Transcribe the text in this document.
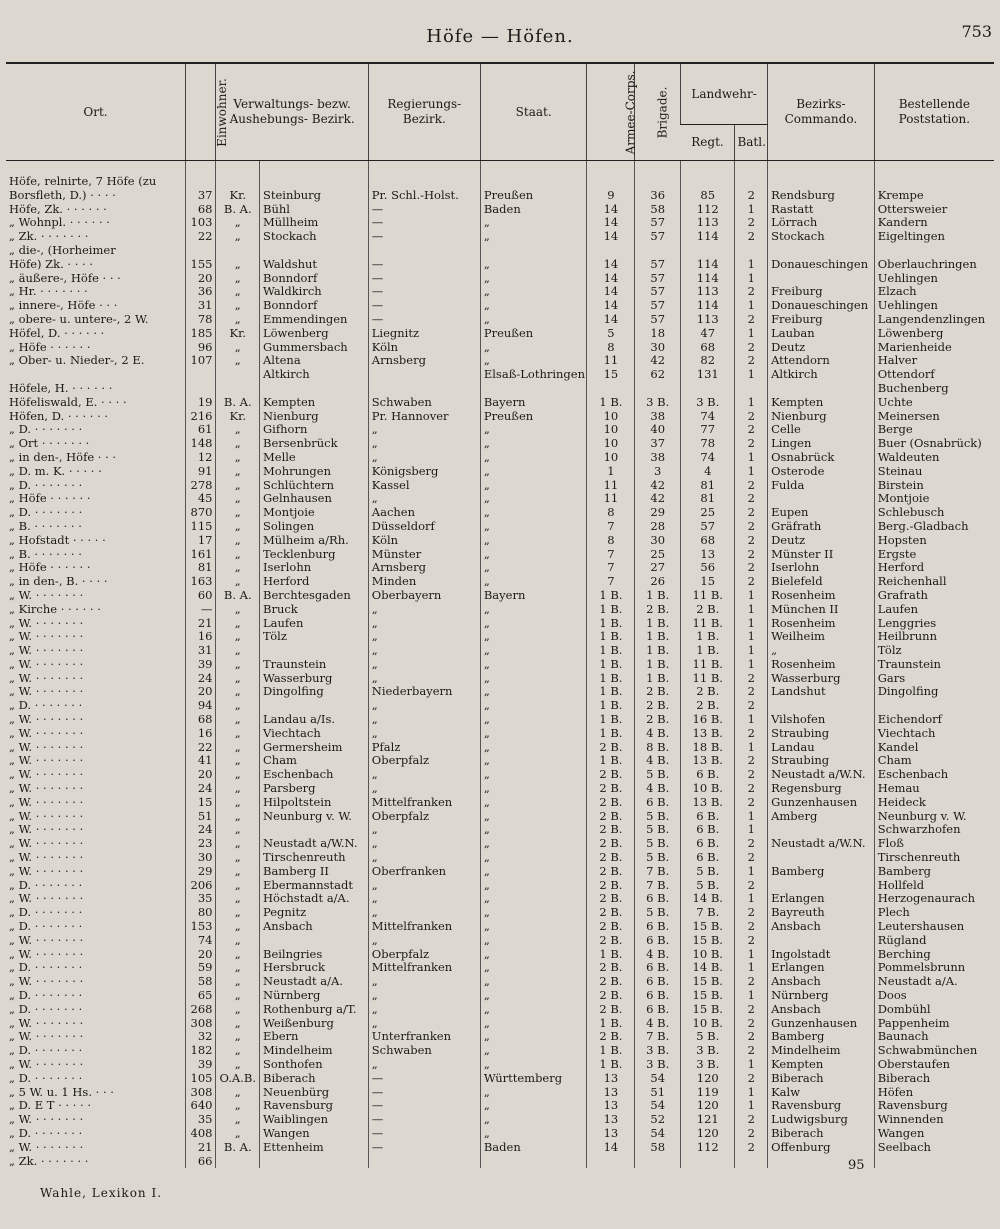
Höfe — Höfen.	753
Ort.	Einwohner.	Verwaltungs- bezw. Aushebungs- Bezirk.		Regierungs- Bezirk.	Staat.	Armee-Corps.	Brigade.	Landwehr-		Bezirks- Commando.	Bestellende Poststation.
								Regt.	Batl.		
Höfe, relnirte, 7 Höfe (zu											
Borsfleth, D.) · · · ·	37	Kr.	Steinburg	Pr. Schl.-Holst.	Preußen	9	36	85	2	Rendsburg	Krempe
Höfe, Zk. · · · · · ·	68	B. A.	Bühl	—	Baden	14	58	112	1	Rastatt	Ottersweier
„ Wohnpl. · · · · · ·	103	„	Müllheim	—	„	14	57	113	2	Lörrach	Kandern
„ Zk. · · · · · · ·	22	„	Stockach	—	„	14	57	114	2	Stockach	Eigeltingen
„ die-, (Horheimer											
Höfe) Zk. · · · ·	155	„	Waldshut	—	„	14	57	114	1	Donaueschingen	Oberlauchringen
„ äußere-, Höfe · · ·	20	„	Bonndorf	—	„	14	57	114	1		Uehlingen
„ Hr. · · · · · · ·	36	„	Waldkirch	—	„	14	57	113	2	Freiburg	Elzach
„ innere-, Höfe · · ·	31	„	Bonndorf	—	„	14	57	114	1	Donaueschingen	Uehlingen
„ obere- u. untere-, 2 W.	78	„	Emmendingen	—	„	14	57	113	2	Freiburg	Langendenzlingen
Höfel, D. · · · · · ·	185	Kr.	Löwenberg	Liegnitz	Preußen	5	18	47	1	Lauban	Löwenberg
„ Höfe · · · · · ·	96	„	Gummersbach	Köln	„	8	30	68	2	Deutz	Marienheide
„ Ober- u. Nieder-, 2 E.	107	„	Altena	Arnsberg	„	11	42	82	2	Attendorn	Halver
			Altkirch		Elsaß-Lothringen	15	62	131	1	Altkirch	Ottendorf
Höfele, H. · · · · · ·											Buchenberg
Höfeliswald, E. · · · ·	19	B. A.	Kempten	Schwaben	Bayern	1 B.	3 B.	3 B.	1	Kempten	Uchte
Höfen, D. · · · · · ·	216	Kr.	Nienburg	Pr. Hannover	Preußen	10	38	74	2	Nienburg	Meinersen
„ D. · · · · · · ·	61	„	Gifhorn	„	„	10	40	77	2	Celle	Berge
„ Ort · · · · · · ·	148	„	Bersenbrück	„	„	10	37	78	2	Lingen	Buer (Osnabrück)
„ in den-, Höfe · · ·	12	„	Melle	„	„	10	38	74	1	Osnabrück	Waldeuten
„ D. m. K. · · · · ·	91	„	Mohrungen	Königsberg	„	1	3	4	1	Osterode	Steinau
„ D. · · · · · · ·	278	„	Schlüchtern	Kassel	„	11	42	81	2	Fulda	Birstein
„ Höfe · · · · · ·	45	„	Gelnhausen	„	„	11	42	81	2		Montjoie
„ D. · · · · · · ·	870	„	Montjoie	Aachen	„	8	29	25	2	Eupen	Schlebusch
„ B. · · · · · · ·	115	„	Solingen	Düsseldorf	„	7	28	57	2	Gräfrath	Berg.-Gladbach
„ Hofstadt · · · · ·	17	„	Mülheim a/Rh.	Köln	„	8	30	68	2	Deutz	Hopsten
„ B. · · · · · · ·	161	„	Tecklenburg	Münster	„	7	25	13	2	Münster II	Ergste
„ Höfe · · · · · ·	81	„	Iserlohn	Arnsberg	„	7	27	56	2	Iserlohn	Herford
„ in den-, B. · · · ·	163	„	Herford	Minden	„	7	26	15	2	Bielefeld	Reichenhall
„ W. · · · · · · ·	60	B. A.	Berchtesgaden	Oberbayern	Bayern	1 B.	1 B.	11 B.	1	Rosenheim	Grafrath
„ Kirche · · · · · ·	—	„	Bruck	„	„	1 B.	2 B.	2 B.	1	München II	Laufen
„ W. · · · · · · ·	21	„	Laufen	„	„	1 B.	1 B.	11 B.	1	Rosenheim	Lenggries
„ W. · · · · · · ·	16	„	Tölz	„	„	1 B.	1 B.	1 B.	1	Weilheim	Heilbrunn
„ W. · · · · · · ·	31	„		„	„	1 B.	1 B.	1 B.	1	„	Tölz
„ W. · · · · · · ·	39	„	Traunstein	„	„	1 B.	1 B.	11 B.	1	Rosenheim	Traunstein
„ W. · · · · · · ·	24	„	Wasserburg	„	„	1 B.	1 B.	11 B.	2	Wasserburg	Gars
„ W. · · · · · · ·	20	„	Dingolfing	Niederbayern	„	1 B.	2 B.	2 B.	2	Landshut	Dingolfing
„ D. · · · · · · ·	94	„		„	„	1 B.	2 B.	2 B.	2		
„ W. · · · · · · ·	68	„	Landau a/Is.	„	„	1 B.	2 B.	16 B.	1	Vilshofen	Eichendorf
„ W. · · · · · · ·	16	„	Viechtach	„	„	1 B.	4 B.	13 B.	2	Straubing	Viechtach
„ W. · · · · · · ·	22	„	Germersheim	Pfalz	„	2 B.	8 B.	18 B.	1	Landau	Kandel
„ W. · · · · · · ·	41	„	Cham	Oberpfalz	„	1 B.	4 B.	13 B.	2	Straubing	Cham
„ W. · · · · · · ·	20	„	Eschenbach	„	„	2 B.	5 B.	6 B.	2	Neustadt a/W.N.	Eschenbach
„ W. · · · · · · ·	24	„	Parsberg	„	„	2 B.	4 B.	10 B.	2	Regensburg	Hemau
„ W. · · · · · · ·	15	„	Hilpoltstein	Mittelfranken	„	2 B.	6 B.	13 B.	2	Gunzenhausen	Heideck
„ W. · · · · · · ·	51	„	Neunburg v. W.	Oberpfalz	„	2 B.	5 B.	6 B.	1	Amberg	Neunburg v. W.
„ W. · · · · · · ·	24	„		„	„	2 B.	5 B.	6 B.	1		Schwarzhofen
„ W. · · · · · · ·	23	„	Neustadt a/W.N.	„	„	2 B.	5 B.	6 B.	2	Neustadt a/W.N.	Floß
„ W. · · · · · · ·	30	„	Tirschenreuth	„	„	2 B.	5 B.	6 B.	2		Tirschenreuth
„ W. · · · · · · ·	29	„	Bamberg II	Oberfranken	„	2 B.	7 B.	5 B.	1	Bamberg	Bamberg
„ D. · · · · · · ·	206	„	Ebermannstadt	„	„	2 B.	7 B.	5 B.	2		Hollfeld
„ W. · · · · · · ·	35	„	Höchstadt a/A.	„	„	2 B.	6 B.	14 B.	1	Erlangen	Herzogenaurach
„ D. · · · · · · ·	80	„	Pegnitz	„	„	2 B.	5 B.	7 B.	2	Bayreuth	Plech
„ D. · · · · · · ·	153	„	Ansbach	Mittelfranken	„	2 B.	6 B.	15 B.	2	Ansbach	Leutershausen
„ W. · · · · · · ·	74	„		„	„	2 B.	6 B.	15 B.	2		Rügland
„ W. · · · · · · ·	20	„	Beilngries	Oberpfalz	„	1 B.	4 B.	10 B.	1	Ingolstadt	Berching
„ D. · · · · · · ·	59	„	Hersbruck	Mittelfranken	„	2 B.	6 B.	14 B.	1	Erlangen	Pommelsbrunn
„ W. · · · · · · ·	58	„	Neustadt a/A.	„	„	2 B.	6 B.	15 B.	2	Ansbach	Neustadt a/A.
„ D. · · · · · · ·	65	„	Nürnberg	„	„	2 B.	6 B.	15 B.	1	Nürnberg	Doos
„ D. · · · · · · ·	268	„	Rothenburg a/T.	„	„	2 B.	6 B.	15 B.	2	Ansbach	Dombühl
„ W. · · · · · · ·	308	„	Weißenburg	„	„	1 B.	4 B.	10 B.	2	Gunzenhausen	Pappenheim
„ W. · · · · · · ·	32	„	Ebern	Unterfranken	„	2 B.	7 B.	5 B.	2	Bamberg	Baunach
„ D. · · · · · · ·	182	„	Mindelheim	Schwaben	„	1 B.	3 B.	3 B.	2	Mindelheim	Schwabmünchen
„ W. · · · · · · ·	39	„	Sonthofen	„	„	1 B.	3 B.	3 B.	1	Kempten	Oberstaufen
„ D. · · · · · · ·	105	O.A.B.	Biberach	—	Württemberg	13	54	120	2	Biberach	Biberach
„ 5 W. u. 1 Hs. · · ·	308	„	Neuenbürg	—	„	13	51	119	1	Kalw	Höfen
„ D. E T · · · · ·	640	„	Ravensburg	—	„	13	54	120	1	Ravensburg	Ravensburg
„ W. · · · · · · ·	35	„	Waiblingen	—	„	13	52	121	2	Ludwigsburg	Winnenden
„ D. · · · · · · ·	408	„	Wangen	—	„	13	54	120	2	Biberach	Wangen
„ W. · · · · · · ·	21	B. A.	Ettenheim	—	Baden	14	58	112	2	Offenburg	Seelbach
„ Zk. · · · · · · ·	66										
Wahle, Lexikon I.
95
